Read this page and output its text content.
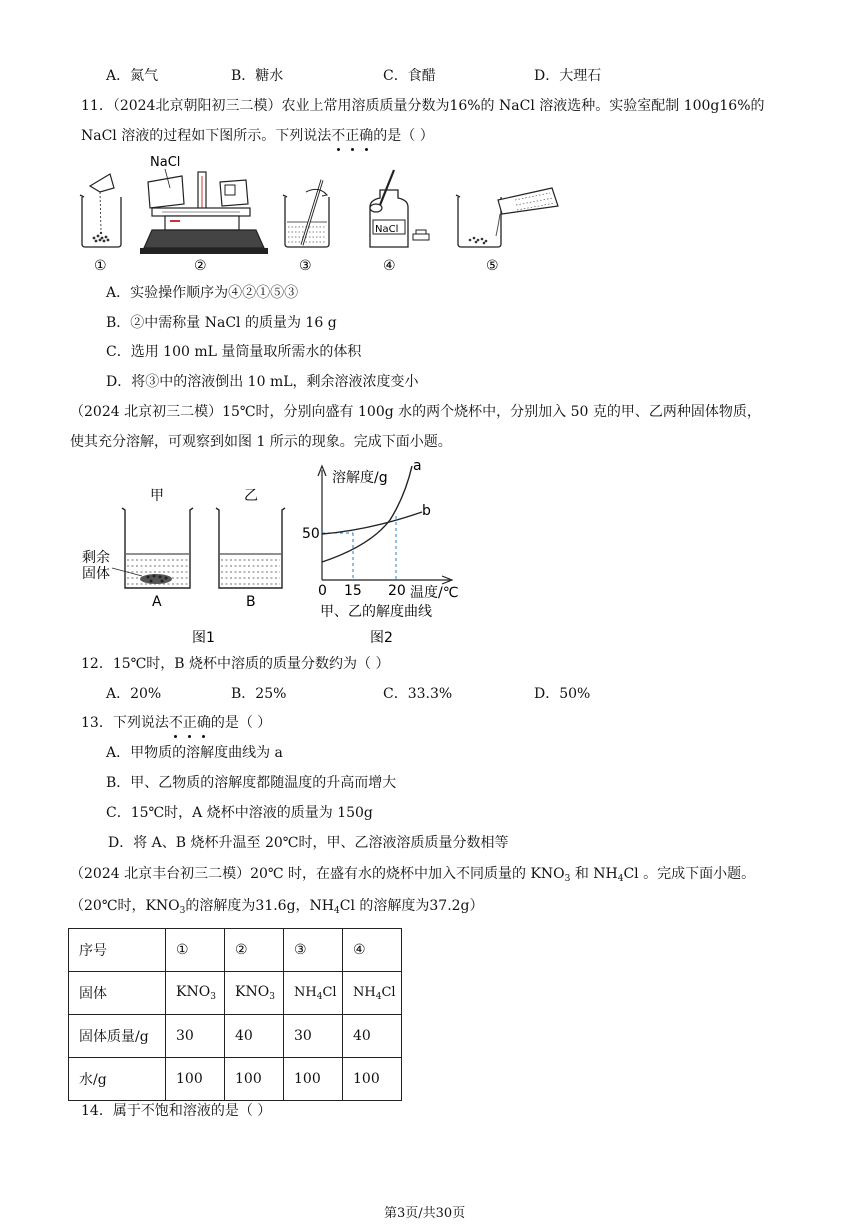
A．氮气	B．糖水	C．食醋	D．大理石
11．（2024北京朝阳初三二模）农业上常用溶质质量分数为16%的 NaCl 溶液选种。实验室配制 100g16%的
NaCl 溶液的过程如下图所示。下列说法不正确的是（ ）
NaCl
NaCl
①	②	③	④	⑤
A．实验操作顺序为④②①⑤③
B．②中需称量 NaCl 的质量为 16 g
C．选用 100 mL 量筒量取所需水的体积
D．将③中的溶液倒出 10 mL，剩余溶液浓度变小
（2024 北京初三二模）15℃时，分别向盛有 100g 水的两个烧杯中，分别加入 50 克的甲、乙两种固体物质，
使其充分溶解，可观察到如图 1 所示的现象。完成下面小题。
甲
剩余
固体
A
乙
B
图1
溶解度/g
温度/℃
50
0 15 20
a
b
甲、乙的解度曲线
图2
12．15℃时，B 烧杯中溶质的质量分数约为（ ）
A．20%	B．25%	C．33.3%	D．50%
13．下列说法不正确的是（ ）
A．甲物质的溶解度曲线为 a
B．甲、乙物质的溶解度都随温度的升高而增大
C．15℃时，A 烧杯中溶液的质量为 150g
D．将 A、B 烧杯升温至 20℃时，甲、乙溶液溶质质量分数相等
（2024 北京丰台初三二模）20℃ 时，在盛有水的烧杯中加入不同质量的 $KNO_3$ 和 $NH_4Cl$ 。完成下面小题。
（20℃时，$KNO_3$的溶解度为31.6g，$NH_4Cl$ 的溶解度为37.2g）
序号	①	②	③	④
固体	$KNO_3$	$KNO_3$	$NH_4Cl$	$NH_4Cl$
固体质量/g	30	40	30	40
水/g	100	100	100	100
14．属于不饱和溶液的是（ ）
第3页/共30页
